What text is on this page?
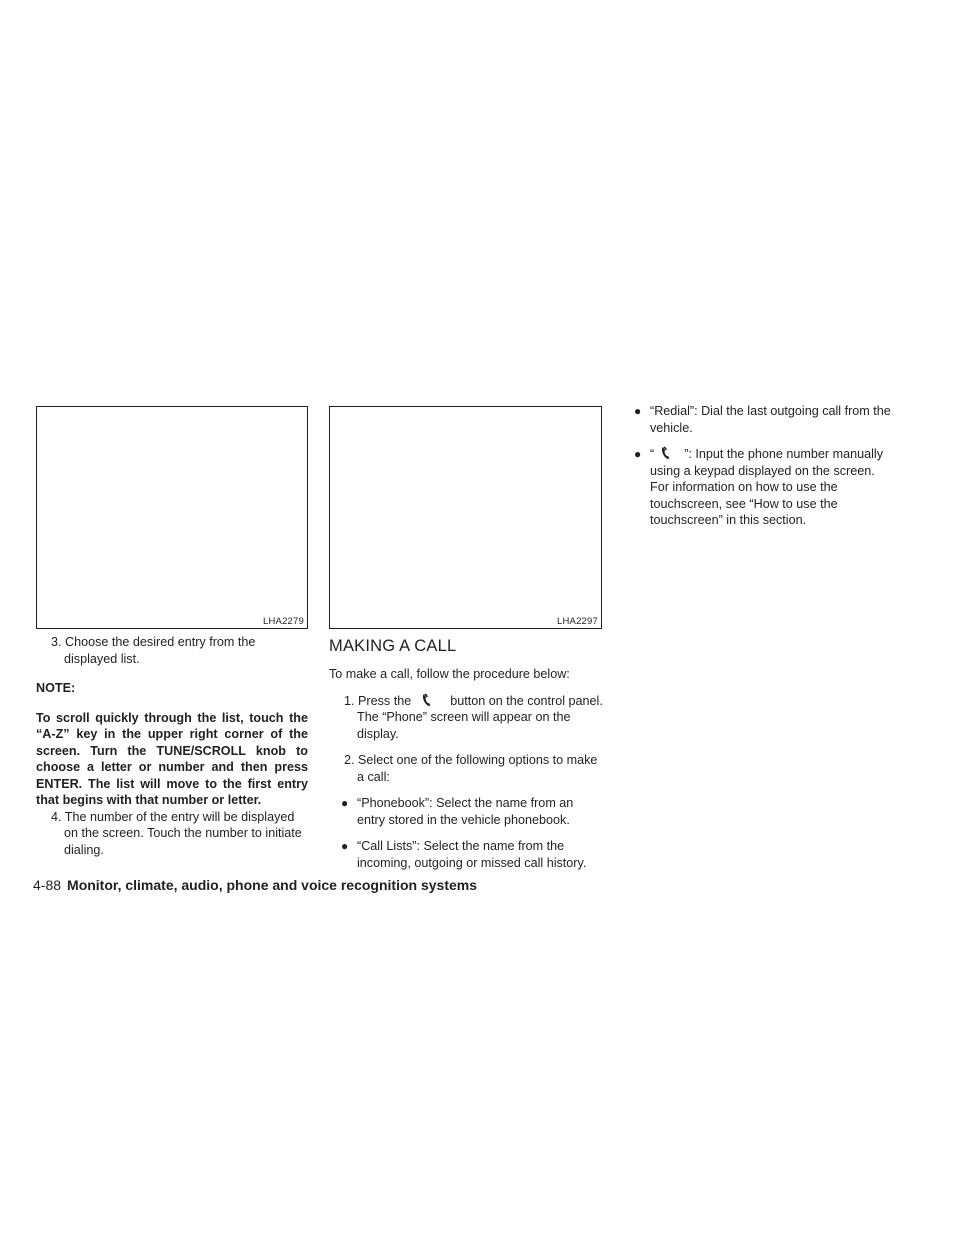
LHA2279	LHA2297

3. Choose the desired entry from the displayed list.

NOTE:

To scroll quickly through the list, touch the “A-Z” key in the upper right corner of the screen. Turn the TUNE/SCROLL knob to choose a letter or number and then press ENTER. The list will move to the first entry that begins with that number or letter.

4. The number of the entry will be displayed on the screen. Touch the number to initiate dialing.

MAKING A CALL

To make a call, follow the procedure below:

1. Press the	button on the control panel. The “Phone” screen will appear on the display.

2. Select one of the following options to make a call:

● “Phonebook”: Select the name from an entry stored in the vehicle phonebook.

● “Call Lists”: Select the name from the incoming, outgoing or missed call history.

● “Redial”: Dial the last outgoing call from the vehicle.

● “ ”: Input the phone number manually using a keypad displayed on the screen. For information on how to use the touchscreen, see “How to use the touchscreen” in this section.

4-88 Monitor, climate, audio, phone and voice recognition systems
